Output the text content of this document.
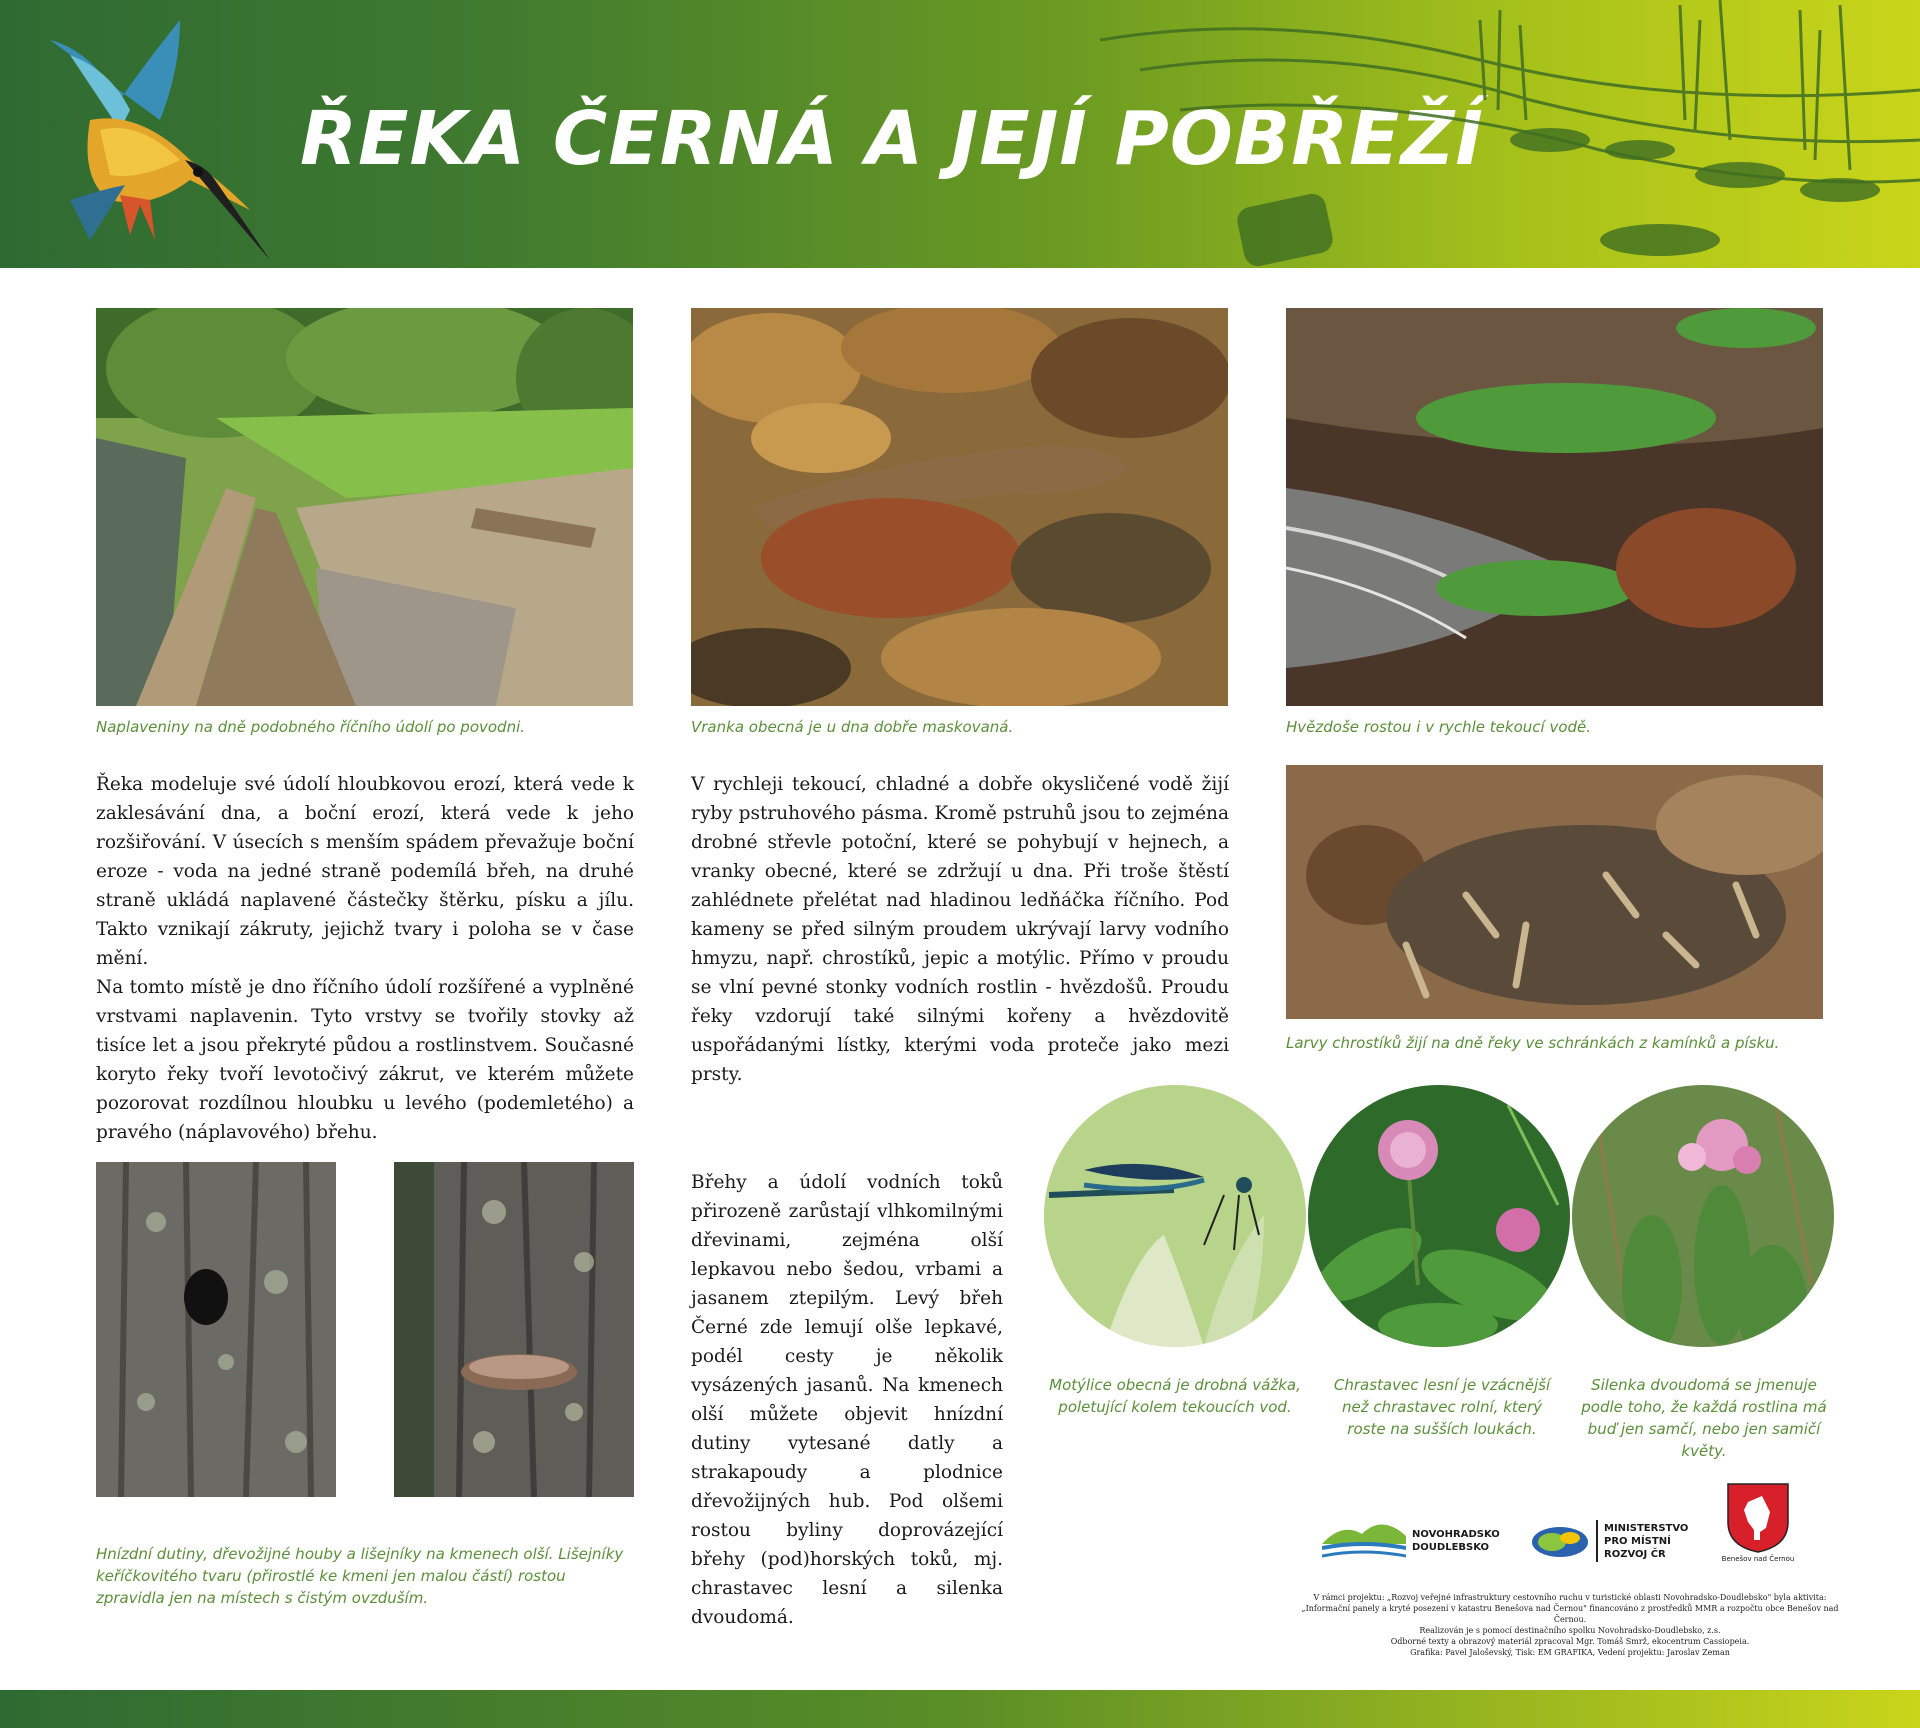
ŘEKA ČERNÁ A JEJÍ POBŘEŽÍ
Naplaveniny na dně podobného říčního údolí po povodni.	Vranka obecná je u dna dobře maskovaná.	Hvězdoše rostou i v rychle tekoucí vodě.
Larvy chrostíků žijí na dně řeky ve schránkách z kamínků a písku.

Řeka modeluje své údolí hloubkovou erozí, která vede k zaklesávání dna, a boční erozí, která vede k jeho rozšiřování. V úsecích s menším spádem převažuje boční eroze - voda na jedné straně podemílá břeh, na druhé straně ukládá naplavené částečky štěrku, písku a jílu. Takto vznikají zákruty, jejichž tvary i poloha se v čase mění.

Na tomto místě je dno říčního údolí rozšířené a vyplněné vrstvami naplavenin. Tyto vrstvy se tvořily stovky až tisíce let a jsou překryté půdou a rostlinstvem. Současné koryto řeky tvoří levotočivý zákrut, ve kterém můžete pozorovat rozdílnou hloubku u levého (podemletého) a pravého (náplavového) břehu.

V rychleji tekoucí, chladné a dobře okysličené vodě žijí ryby pstruhového pásma. Kromě pstruhů jsou to zejména drobné střevle potoční, které se pohybují v hejnech, a vranky obecné, které se zdržují u dna. Při troše štěstí zahlédnete přelétat nad hladinou ledňáčka říčního. Pod kameny se před silným proudem ukrývají larvy vodního hmyzu, např. chrostíků, jepic a motýlic. Přímo v proudu se vlní pevné stonky vodních rostlin - hvězdošů. Proudu řeky vzdorují také silnými kořeny a hvězdovitě uspořádanými lístky, kterými voda proteče jako mezi prsty.

Hnízdní dutiny, dřevožijné houby a lišejníky na kmenech olší. Lišejníky keříčkovitého tvaru (přirostlé ke kmeni jen malou částí) rostou zpravidla jen na místech s čistým ovzduším.

Břehy a údolí vodních toků přirozeně zarůstají vlhkomilnými dřevinami, zejména olší lepkavou nebo šedou, vrbami a jasanem ztepilým. Levý břeh Černé zde lemují olše lepkavé, podél cesty je několik vysázených jasanů. Na kmenech olší můžete objevit hnízdní dutiny vytesané datly a strakapoudy a plodnice dřevožijných hub. Pod olšemi rostou byliny doprovázející břehy (pod)horských toků, mj. chrastavec lesní a silenka dvoudomá.

Motýlice obecná je drobná vážka, poletující kolem tekoucích vod.
Chrastavec lesní je vzácnější než chrastavec rolní, který roste na sušších loukách.
Silenka dvoudomá se jmenuje podle toho, že každá rostlina má buď jen samčí, nebo jen samičí květy.
NOVOHRADSKO
DOUDLEBSKO
MINISTERSTVO
PRO MÍSTNÍ
ROZVOJ ČR	Benešov nad Černou

V rámci projektu: „Rozvoj veřejné infrastruktury cestovního ruchu v turistické oblasti Novohradsko-Doudlebsko" byla aktivita:

„Informační panely a kryté posezení v katastru Benešova nad Černou" financováno z prostředků MMR a rozpočtu obce Benešov nad Černou.

Realizován je s pomocí destinačního spolku Novohradsko-Doudlebsko, z.s.

Odborné texty a obrazový materiál zpracoval Mgr. Tomáš Smrž, ekocentrum Cassiopeia.

Grafika: Pavel Jaloševský, Tisk: EM GRAFIKA, Vedení projektu: Jaroslav Zeman
